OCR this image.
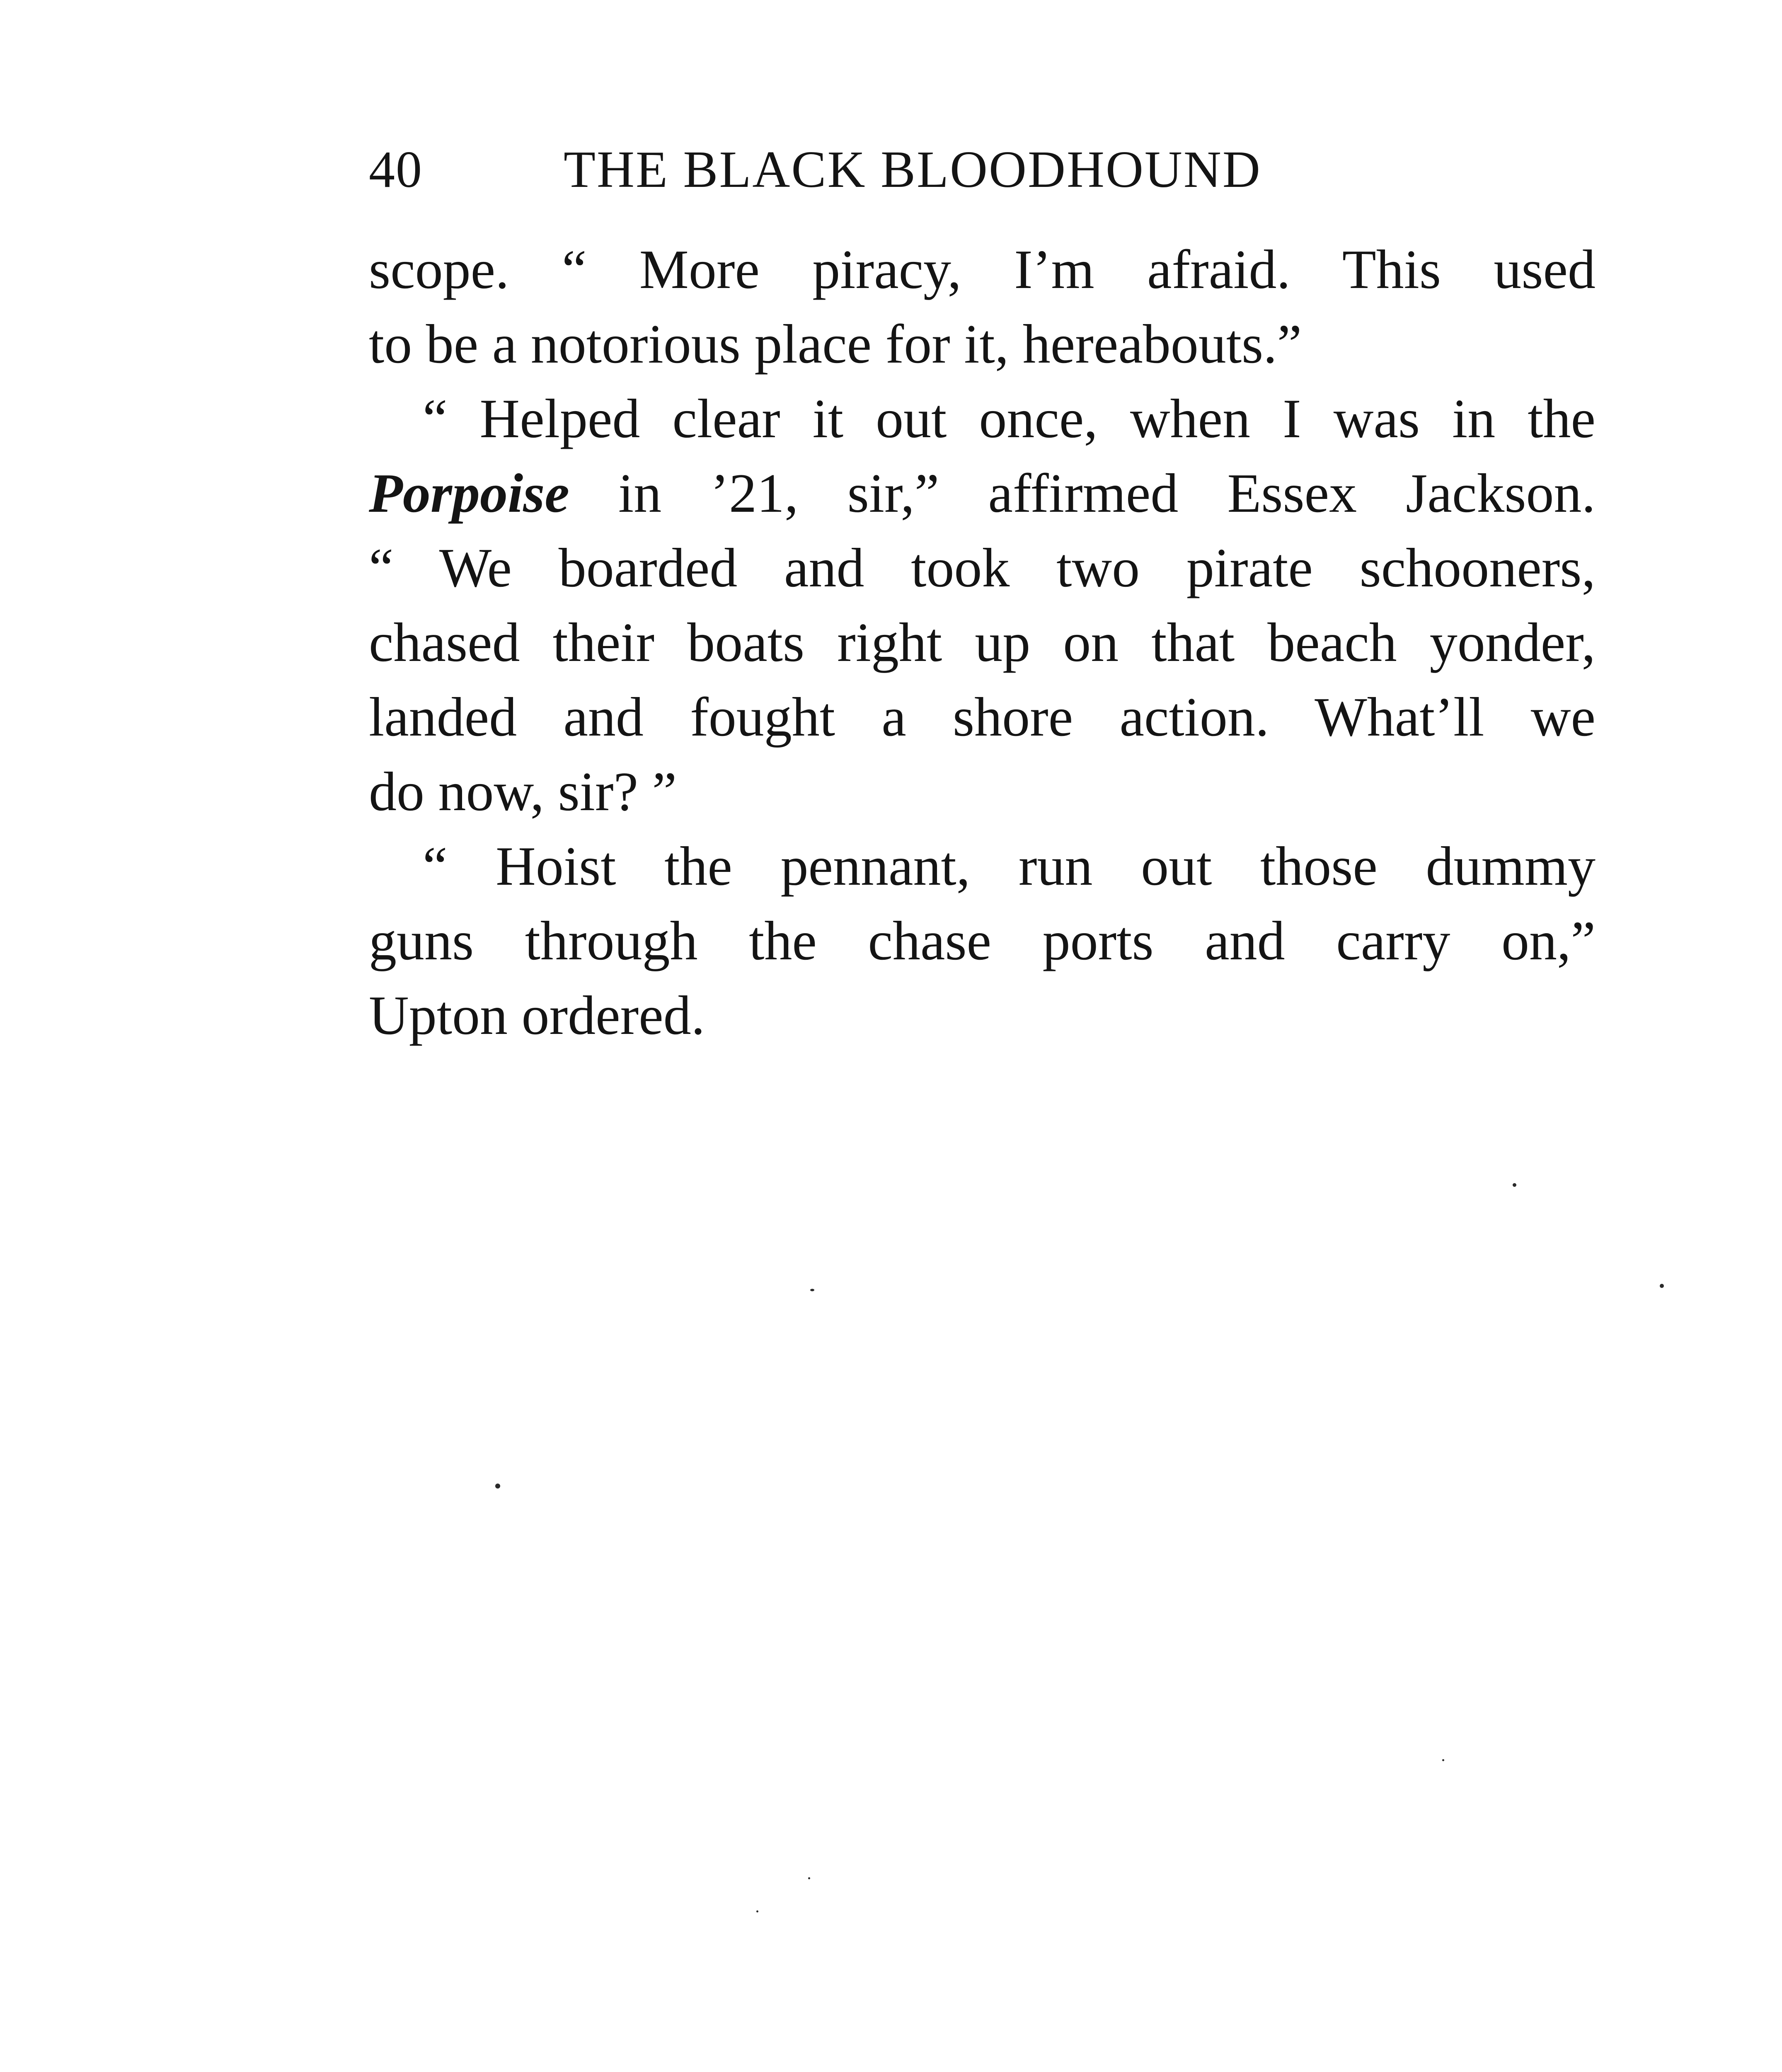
40	THE BLACK BLOODHOUND
scope. “ More piracy, I’m afraid. This used
to be a notorious place for it, hereabouts.”
“ Helped clear it out once, when I was in the
Porpoise in ’21, sir,” affirmed Essex Jackson.
“ We boarded and took two pirate schooners,
chased their boats right up on that beach yonder,
landed and fought a shore action. What’ll we
do now, sir? ”
“ Hoist the pennant, run out those dummy
guns through the chase ports and carry on,”
Upton ordered.
